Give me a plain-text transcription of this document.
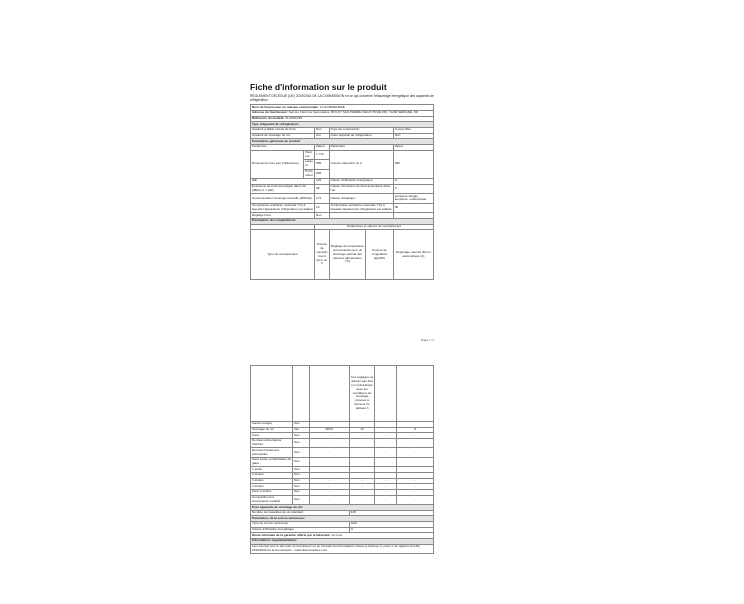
Fiche d'information sur le produit
RÈGLEMENT DÉLÉGUÉ (UE) 2019/2016 DE LA COMMISSION en ce qui concerne l'étiquetage énergétique des appareils de réfrigération
Nom du fournisseur ou marque commerciale: LA SOMMELIERE					
Adresse du fournisseur: Service Client La Sommelière, BOUVY SAS PIERRE VIEUX PRUE 156, 71200 SERIGNE, FR					
Référence du modèle: CLA50C18S					
Type d'appareil de réfrigération:					
Appareil à faible niveau de bruit:		Non	Type de construction:		À pose libre
Appareil de stockage du vin:		Oui	Autre appareil de réfrigération:		Non
Paramètres généraux du produit:					
Paramètre		Valeur	Paramètre		Valeur
Dimensions hors tout (millimètres)	Hauteur	1 712	Volume total (dm³ ou l)		380
	Largeur	595			
	Profondeur	605			
IEE		125	Classe d'efficacité énergétique		G
Émissions de bruit acoustique dans l'air [dB(A) re 1 pW]		38	Classe d'émission de bruit acoustique dans l'air		C
Consommation d'énergie annuelle (kWh/an)		172	Classe climatique:		tempérée élargie, tempérée, subtropicale
Température ambiante minimale (°C) à laquelle l'appareil de réfrigération est adapté		10	Température ambiante maximale (°C) à laquelle l'appareil de réfrigération est adapté		38
Réglage hiver		Non			
Paramètres du compartiment:					
		Paramètres et valeurs de compartiment			
Type de compartiment		Volume de compartiment (dm³ ou l)	Réglage de température recommandé pour un stockage optimal des denrées alimentaires (°C)	Pouvoir de congélation (kg/24h)	Dégivrage manuel (M) ou automatique (A)
Page 1 / 2
			Ces réglages ne doivent pas être en contradiction avec les conditions de stockage prévues à l'annexe IV, tableau 3		
Garde-manger	Non				
Stockage du vin	Oui	380,0	12	-	A
Cave	Non	-	-	-	-
Denrées alimentaires fraîches	Non	-	-	-	-
Denrées hautement périssables	Non	-	-	-	-
Sans étoile ou fabrication de glace	Non	-	-	-	-
1 étoile	Non	-	-	-	-
2 étoiles	Non	-	-	-	-
3 étoiles	Non	-	-	-	-
4 étoiles	Non	-	-	-	-
Zone 2 étoiles	Non	-	-	-	-
Compartiment à température variable	Non	-	-	-	-
Pour appareils de stockage du vin:					
Nombre de bouteilles de vin standard			135		
Paramètres de la source lumineuse:					
Type de source lumineuse			LED		
Classe d'efficacité énergétique			G		
Durée minimale de la garantie offerte par le fabricant: 12 mois					
Informations supplémentaires:					
Lien internet vers le site web du fournisseur où se trouvent les informations visées à l'annexe II, point 4, du règlement (UE) 2019/2016 de la Commission : www.lasommeliere.com					
